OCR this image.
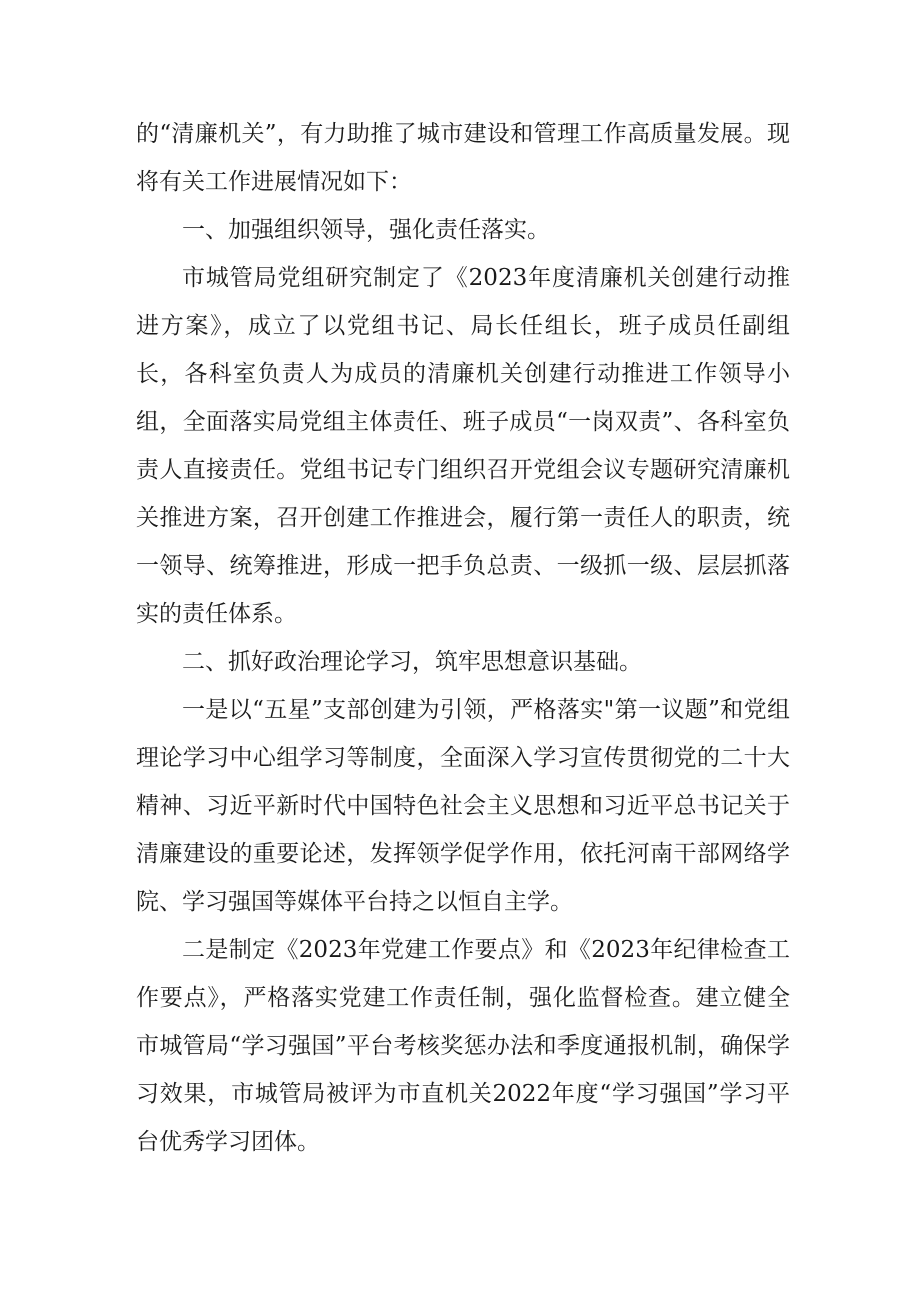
的“清廉机关”，有力助推了城市建设和管理工作高质量发展。现将有关工作进展情况如下：

一、加强组织领导，强化责任落实。

市城管局党组研究制定了《2023年度清廉机关创建行动推进方案》，成立了以党组书记、局长任组长，班子成员任副组长，各科室负责人为成员的清廉机关创建行动推进工作领导小组，全面落实局党组主体责任、班子成员“一岗双责”、各科室负责人直接责任。党组书记专门组织召开党组会议专题研究清廉机关推进方案，召开创建工作推进会，履行第一责任人的职责，统一领导、统筹推进，形成一把手负总责、一级抓一级、层层抓落实的责任体系。

二、抓好政治理论学习，筑牢思想意识基础。

一是以“五星”支部创建为引领，严格落实"第一议题”和党组理论学习中心组学习等制度，全面深入学习宣传贯彻党的二十大精神、习近平新时代中国特色社会主义思想和习近平总书记关于清廉建设的重要论述，发挥领学促学作用，依托河南干部网络学院、学习强国等媒体平台持之以恒自主学。

二是制定《2023年党建工作要点》和《2023年纪律检查工作要点》，严格落实党建工作责任制，强化监督检查。建立健全市城管局“学习强国”平台考核奖惩办法和季度通报机制，确保学习效果，市城管局被评为市直机关2022年度“学习强国”学习平台优秀学习团体。
